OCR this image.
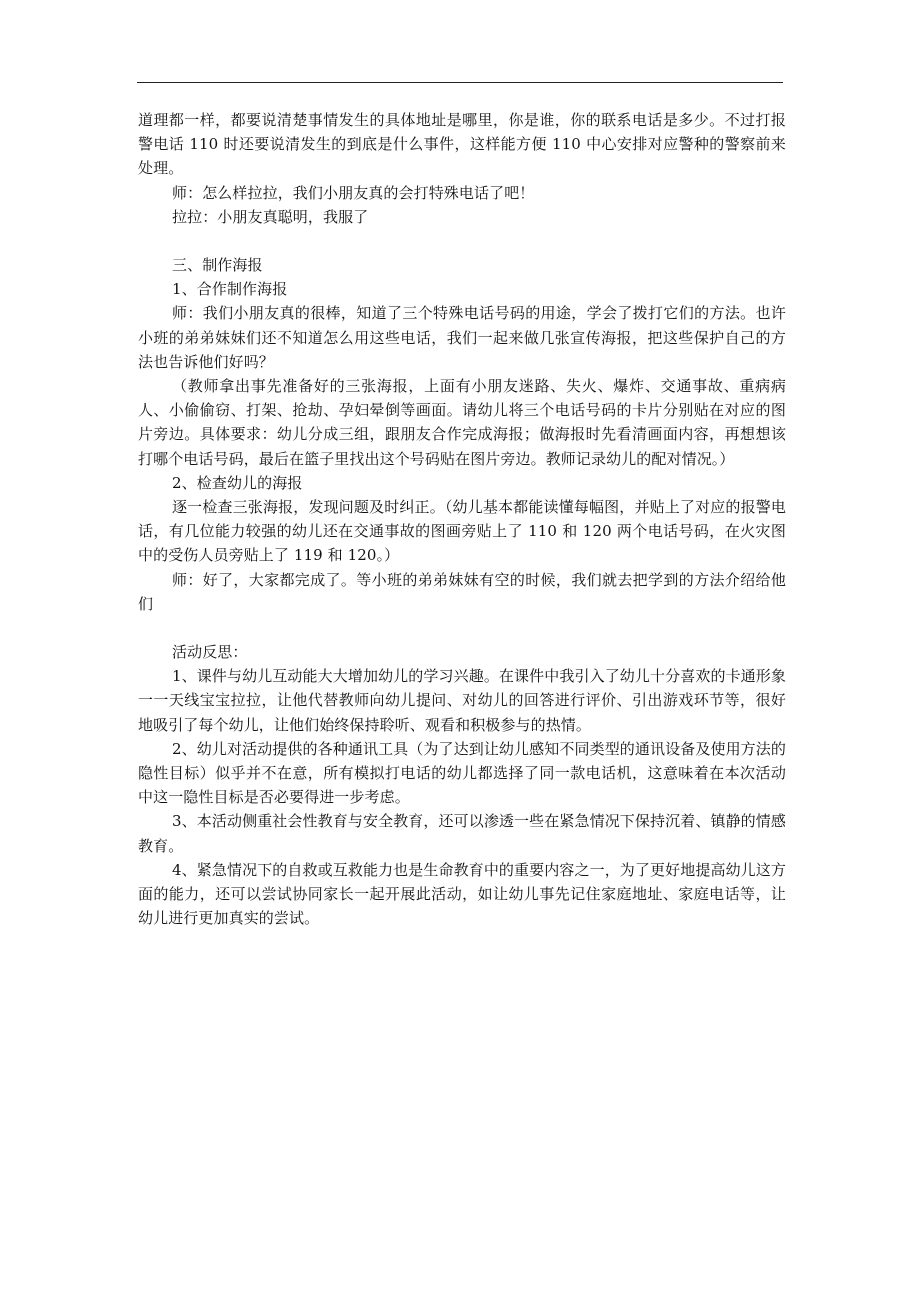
道理都一样，都要说清楚事情发生的具体地址是哪里，你是谁，你的联系电话是多少。不过打报警电话 110 时还要说清发生的到底是什么事件，这样能方便 110 中心安排对应警种的警察前来处理。

师：怎么样拉拉，我们小朋友真的会打特殊电话了吧！

拉拉：小朋友真聪明，我服了

三、制作海报

1、合作制作海报

师：我们小朋友真的很棒，知道了三个特殊电话号码的用途，学会了拨打它们的方法。也许小班的弟弟妹妹们还不知道怎么用这些电话，我们一起来做几张宣传海报，把这些保护自己的方法也告诉他们好吗？

（教师拿出事先准备好的三张海报，上面有小朋友迷路、失火、爆炸、交通事故、重病病人、小偷偷窃、打架、抢劫、孕妇晕倒等画面。请幼儿将三个电话号码的卡片分别贴在对应的图片旁边。具体要求：幼儿分成三组，跟朋友合作完成海报；做海报时先看清画面内容，再想想该打哪个电话号码，最后在篮子里找出这个号码贴在图片旁边。教师记录幼儿的配对情况。）

2、检查幼儿的海报

逐一检查三张海报，发现问题及时纠正。（幼儿基本都能读懂每幅图，并贴上了对应的报警电话，有几位能力较强的幼儿还在交通事故的图画旁贴上了 110 和 120 两个电话号码，在火灾图中的受伤人员旁贴上了 119 和 120。）

师：好了，大家都完成了。等小班的弟弟妹妹有空的时候，我们就去把学到的方法介绍给他们

活动反思：

1、课件与幼儿互动能大大增加幼儿的学习兴趣。在课件中我引入了幼儿十分喜欢的卡通形象一一天线宝宝拉拉，让他代替教师向幼儿提问、对幼儿的回答进行评价、引出游戏环节等，很好地吸引了每个幼儿，让他们始终保持聆听、观看和积极参与的热情。

2、幼儿对活动提供的各种通讯工具（为了达到让幼儿感知不同类型的通讯设备及使用方法的隐性目标）似乎并不在意，所有模拟打电话的幼儿都选择了同一款电话机，这意味着在本次活动中这一隐性目标是否必要得进一步考虑。

3、本活动侧重社会性教育与安全教育，还可以渗透一些在紧急情况下保持沉着、镇静的情感教育。

4、紧急情况下的自救或互救能力也是生命教育中的重要内容之一，为了更好地提高幼儿这方面的能力，还可以尝试协同家长一起开展此活动，如让幼儿事先记住家庭地址、家庭电话等，让幼儿进行更加真实的尝试。
